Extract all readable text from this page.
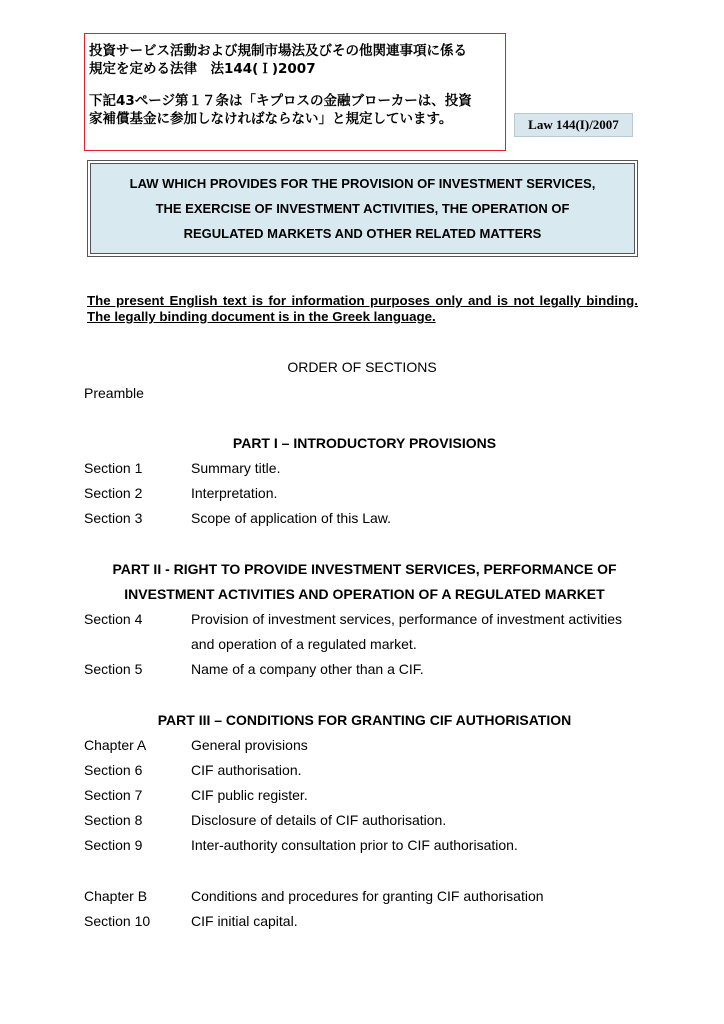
投資サービス活動および規制市場法及びその他関連事項に係る

規定を定める法律　法144(Ｉ)2007

下記43ページ第１７条は「キプロスの金融ブローカーは、投資

家補償基金に参加しなければならない」と規定しています。	Law 144(I)/2007
LAW WHICH PROVIDES FOR THE PROVISION OF INVESTMENT SERVICES,
THE EXERCISE OF INVESTMENT ACTIVITIES, THE OPERATION OF
REGULATED MARKETS AND OTHER RELATED MATTERS
The present English text is for information purposes only and is not legally binding. The legally binding document is in the Greek language.
ORDER OF SECTIONS
Preamble
PART I – INTRODUCTORY PROVISIONS
Section 1	Summary title.
Section 2	Interpretation.
Section 3	Scope of application of this Law.
PART II - RIGHT TO PROVIDE INVESTMENT SERVICES, PERFORMANCE OF
INVESTMENT ACTIVITIES AND OPERATION OF A REGULATED MARKET
Section 4	Provision of investment services, performance of investment activities
and operation of a regulated market.
Section 5	Name of a company other than a CIF.
PART III – CONDITIONS FOR GRANTING CIF AUTHORISATION
Chapter A	General provisions
Section 6	CIF authorisation.
Section 7	CIF public register.
Section 8	Disclosure of details of CIF authorisation.
Section 9	Inter-authority consultation prior to CIF authorisation.
Chapter B	Conditions and procedures for granting CIF authorisation
Section 10	CIF initial capital.
